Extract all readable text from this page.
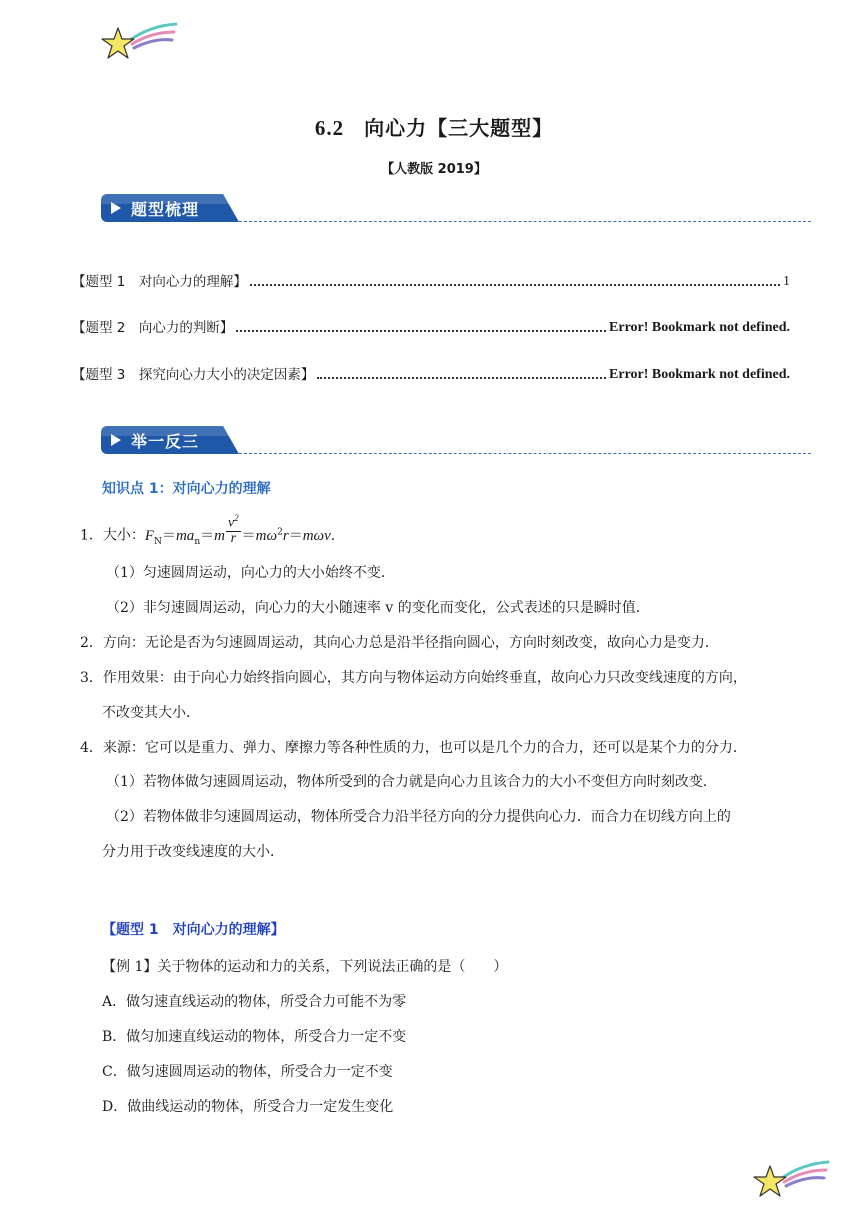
6.2 向心力【三大题型】
【人教版 2019】
题型梳理
【题型 1　对向心力的理解】	1
【题型 2　向心力的判断】	Error! Bookmark not defined.
【题型 3　探究向心力大小的决定因素】	Error! Bookmark not defined.
举一反三
知识点 1：对向心力的理解
1．大小：$F_N=ma_n=m \frac{v^2}{r} =m\omega^2r=m\omega v$.
（1）匀速圆周运动，向心力的大小始终不变．
（2）非匀速圆周运动，向心力的大小随速率 v 的变化而变化，公式表述的只是瞬时值．
2．方向：无论是否为匀速圆周运动，其向心力总是沿半径指向圆心，方向时刻改变，故向心力是变力．
3．作用效果：由于向心力始终指向圆心，其方向与物体运动方向始终垂直，故向心力只改变线速度的方向，
不改变其大小．
4．来源：它可以是重力、弹力、摩擦力等各种性质的力，也可以是几个力的合力，还可以是某个力的分力．
（1）若物体做匀速圆周运动，物体所受到的合力就是向心力且该合力的大小不变但方向时刻改变．
（2）若物体做非匀速圆周运动，物体所受合力沿半径方向的分力提供向心力．而合力在切线方向上的
分力用于改变线速度的大小．
【题型 1　对向心力的理解】
【例 1】关于物体的运动和力的关系，下列说法正确的是（　　）
A．做匀速直线运动的物体，所受合力可能不为零
B．做匀加速直线运动的物体，所受合力一定不变
C．做匀速圆周运动的物体，所受合力一定不变
D．做曲线运动的物体，所受合力一定发生变化
